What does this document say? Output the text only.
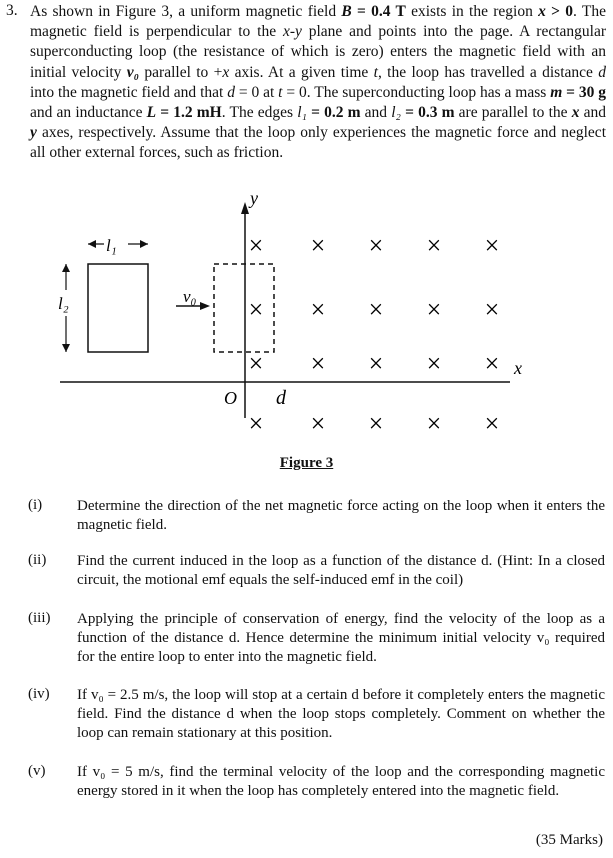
3. As shown in Figure 3, a uniform magnetic field B = 0.4 T exists in the region x > 0. The magnetic field is perpendicular to the x-y plane and points into the page. A rectangular superconducting loop (the resistance of which is zero) enters the magnetic field with an initial velocity v₀ parallel to +x axis. At a given time t, the loop has travelled a distance d into the magnetic field and that d = 0 at t = 0. The superconducting loop has a mass m = 30 g and an inductance L = 1.2 mH. The edges l₁ = 0.2 m and l₂ = 0.3 m are parallel to the x and y axes, respectively. Assume that the loop only experiences the magnetic force and neglect all other external forces, such as friction.

y
x
O d
l₁
l₂	v₀
× × × × ×
× × × × ×
× × × × ×
× × × × ×
Figure 3
(i) Determine the direction of the net magnetic force acting on the loop when it enters the magnetic field.

(ii) Find the current induced in the loop as a function of the distance d. (Hint: In a closed circuit, the motional emf equals the self-induced emf in the coil)

(iii) Applying the principle of conservation of energy, find the velocity of the loop as a function of the distance d. Hence determine the minimum initial velocity v₀ required for the entire loop to enter into the magnetic field.

(iv) If v₀ = 2.5 m/s, the loop will stop at a certain d before it completely enters the magnetic field. Find the distance d when the loop stops completely. Comment on whether the loop can remain stationary at this position.

(v) If v₀ = 5 m/s, find the terminal velocity of the loop and the corresponding magnetic energy stored in it when the loop has completely entered into the magnetic field.

(35 Marks)
